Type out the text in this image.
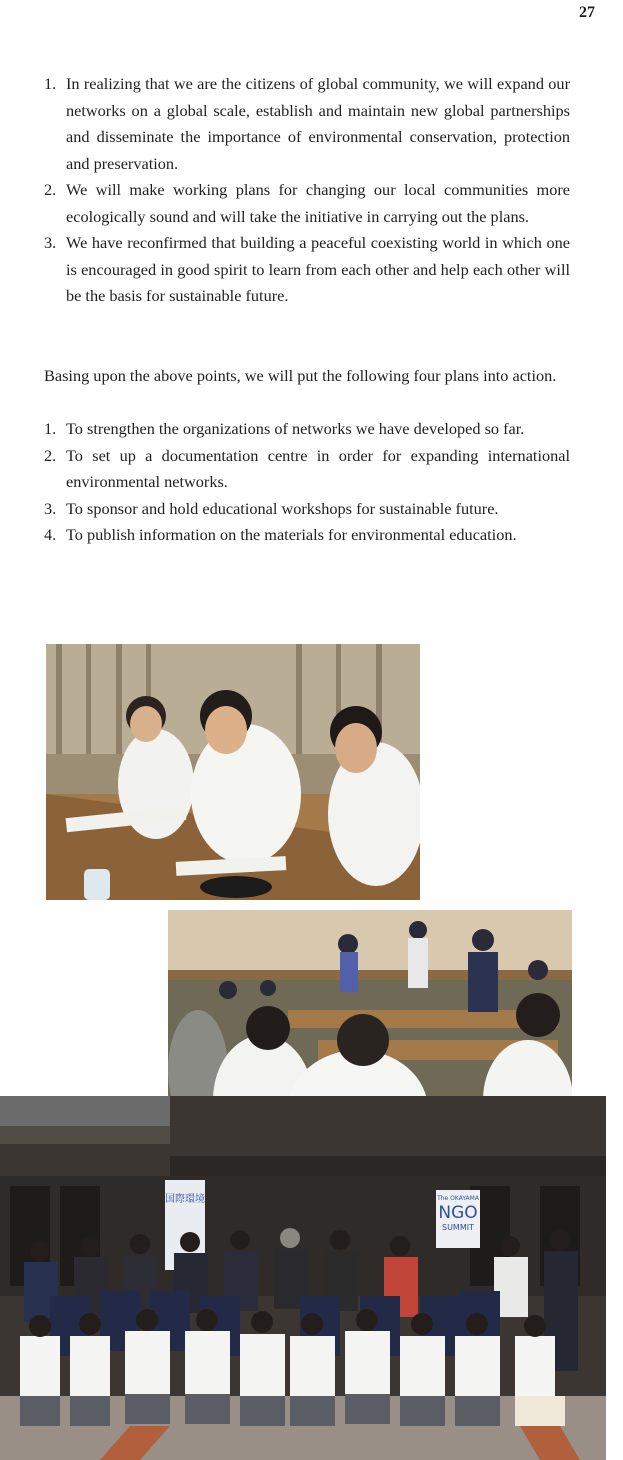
27
1. In realizing that we are the citizens of global community, we will expand our networks on a global scale, establish and maintain new global partnerships and disseminate the importance of environmental conservation, protection and preservation.
2. We will make working plans for changing our local communities more ecologically sound and will take the initiative in carrying out the plans.
3. We have reconfirmed that building a peaceful coexisting world in which one is encouraged in good spirit to learn from each other and help each other will be the basis for sustainable future.
Basing upon the above points, we will put the following four plans into action.
1. To strengthen the organizations of networks we have developed so far.
2. To set up a documentation centre in order for expanding international environmental networks.
3. To sponsor and hold educational workshops for sustainable future.
4. To publish information on the materials for environmental education.
国際環境	The OKAYAMA
NGO
SUMMIT
